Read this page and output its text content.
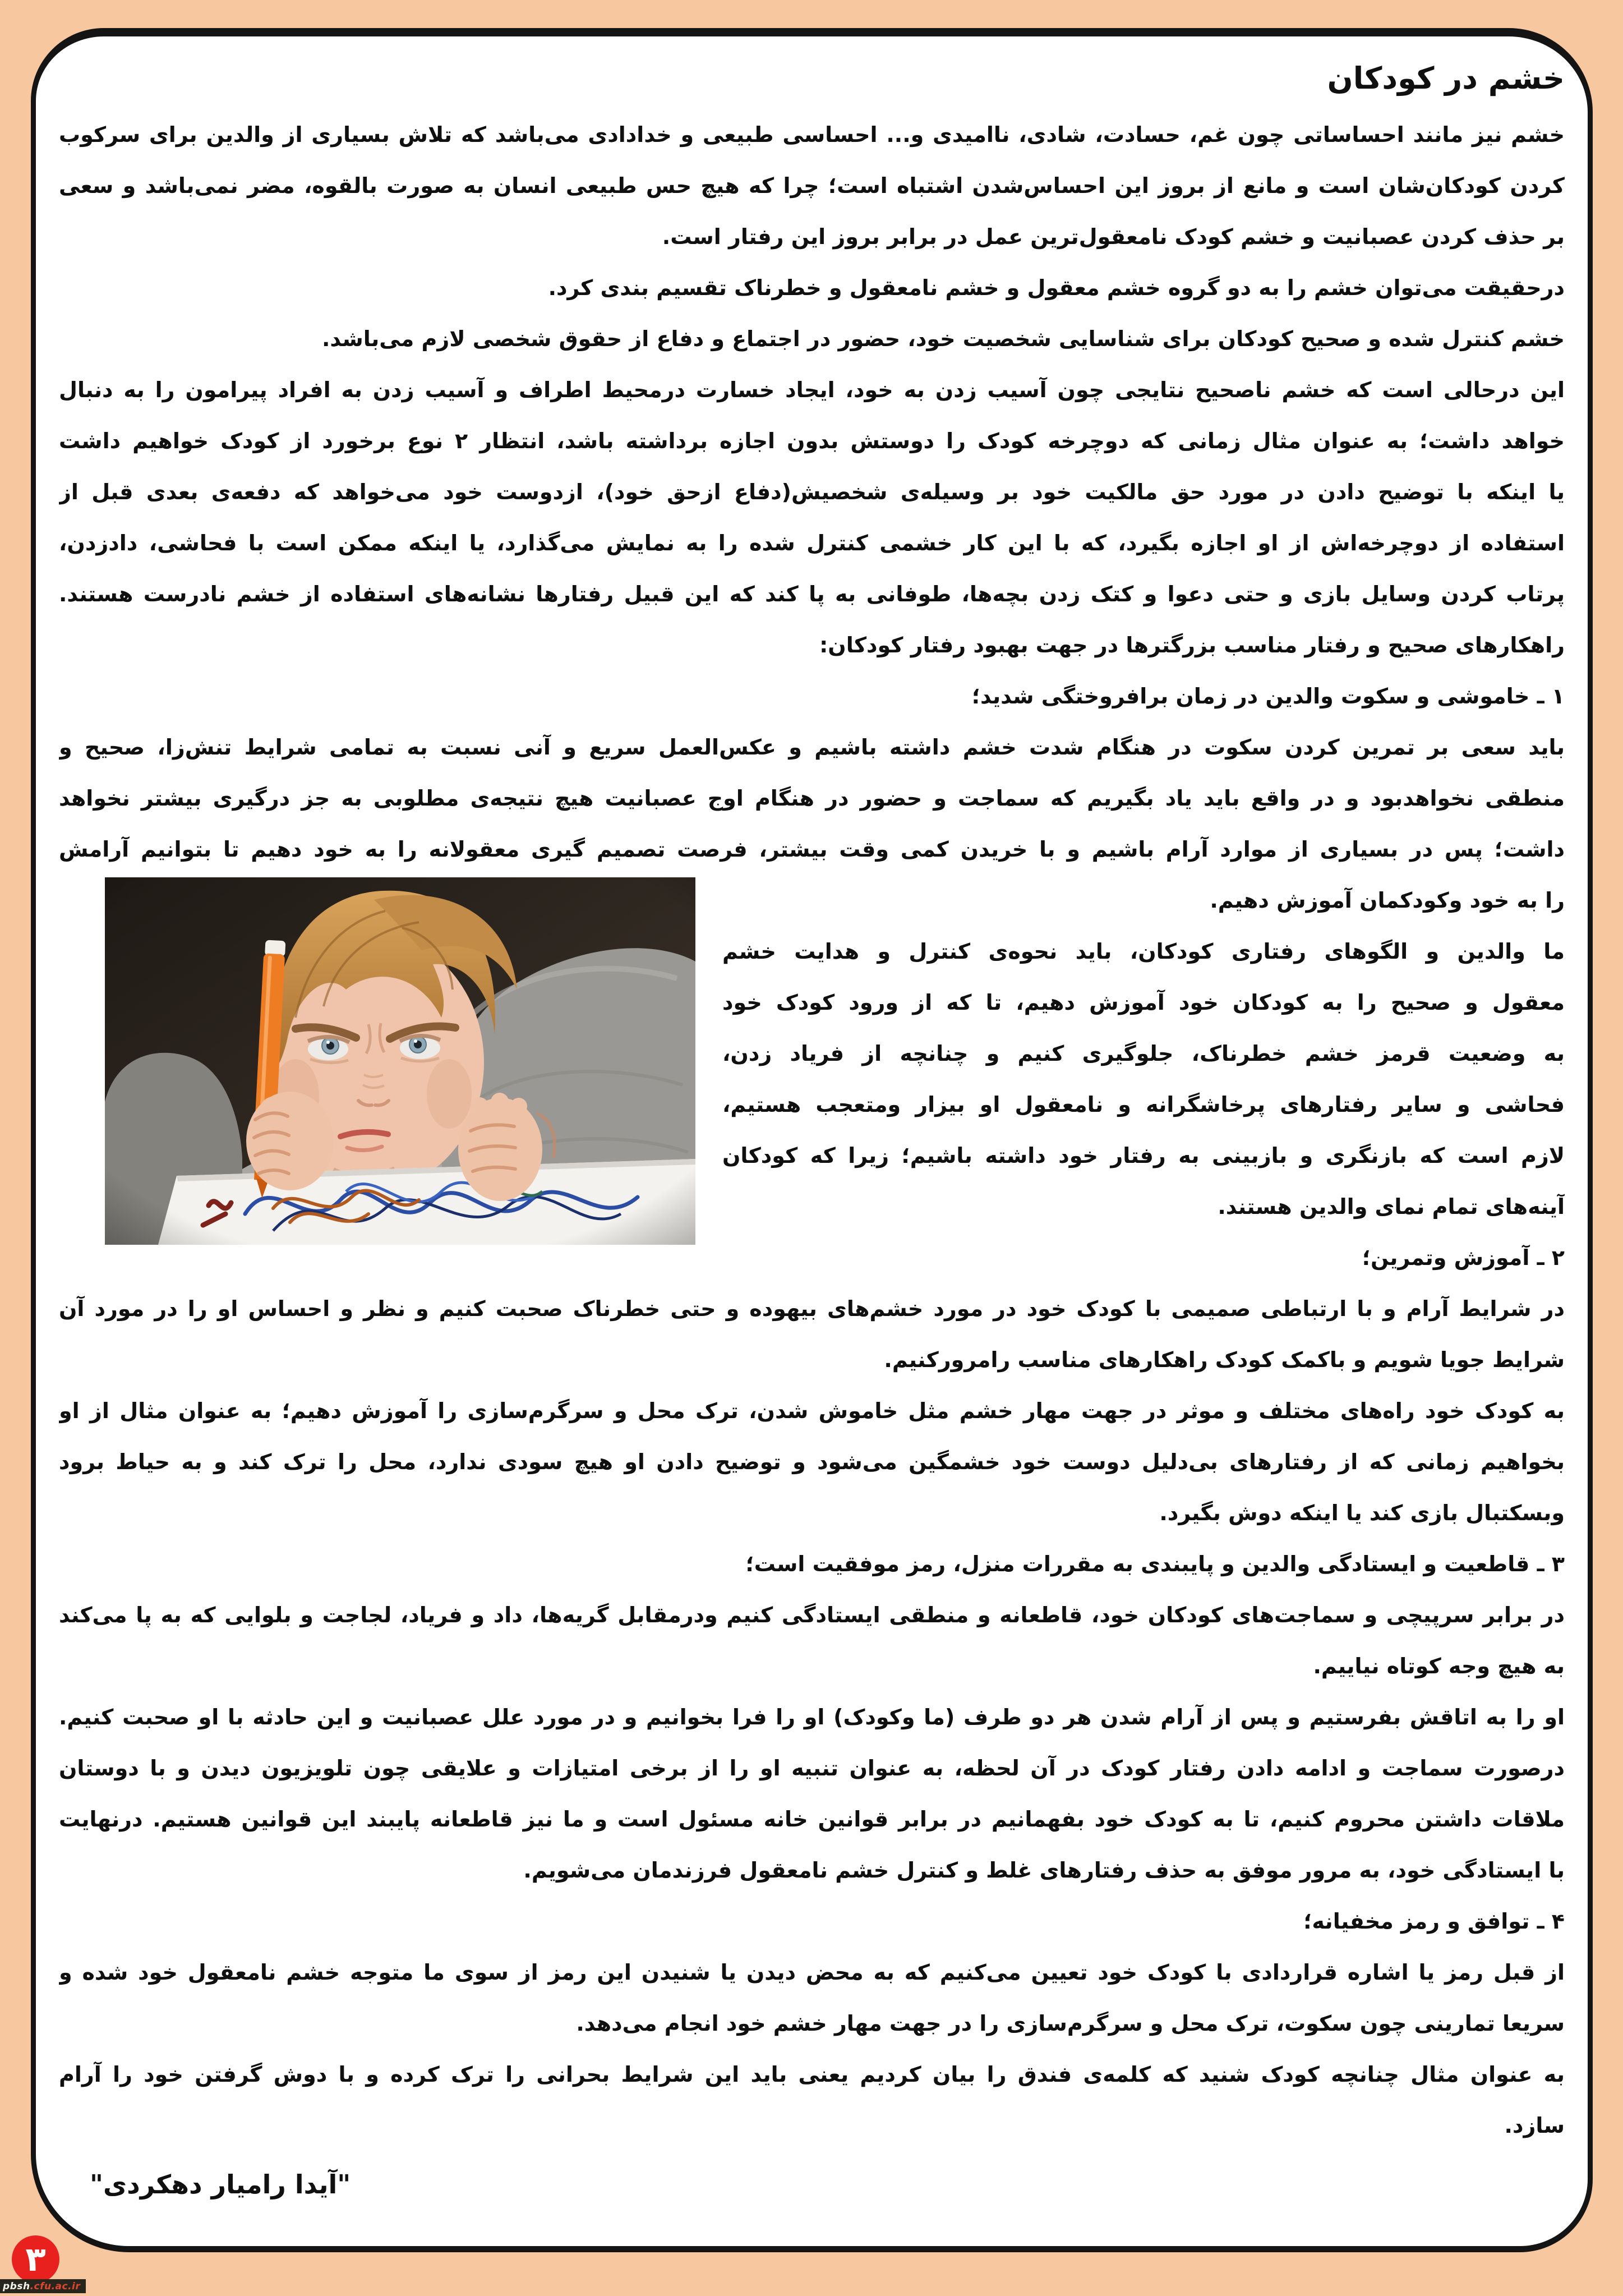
خشم در کودکان
خشم نیز مانند احساساتی چون غم، حسادت، شادی، ناامیدی و... احساسی طبیعی و خدادادی می‌باشد که تلاش بسیاری از والدین برای سرکوب
کردن کودکان‌شان است و مانع از بروز این احساس‌شدن اشتباه است؛ چرا که هیچ حس طبیعی انسان به صورت بالقوه، مضر نمی‌باشد و سعی
بر حذف کردن عصبانیت و خشم کودک نامعقول‌ترین عمل در برابر بروز این رفتار است.
درحقیقت می‌توان خشم را به دو گروه خشم معقول و خشم نامعقول و خطرناک تقسیم بندی کرد.
خشم کنترل شده و صحیح کودکان برای شناسایی شخصیت خود، حضور در اجتماع و دفاع از حقوق شخصی لازم می‌باشد.
این درحالی است که خشم ناصحیح نتایجی چون آسیب زدن به خود، ایجاد خسارت درمحیط اطراف و آسیب زدن به افراد پیرامون را به دنبال
خواهد داشت؛ به عنوان مثال زمانی که دوچرخه کودک را دوستش بدون اجازه برداشته باشد، انتظار ۲ نوع برخورد از کودک خواهیم داشت
یا اینکه با توضیح دادن در مورد حق مالکیت خود بر وسیله‌ی شخصیش(دفاع ازحق خود)، ازدوست خود می‌خواهد که دفعه‌ی بعدی قبل از
استفاده از دوچرخه‌اش از او اجازه بگیرد، که با این کار خشمی کنترل شده را به نمایش می‌گذارد، یا اینکه ممکن است با فحاشی، دادزدن،
پرتاب کردن وسایل بازی و حتی دعوا و کتک زدن بچه‌ها، طوفانی به پا کند که این قبیل رفتارها نشانه‌های استفاده از خشم نادرست هستند.
راهکارهای صحیح و رفتار مناسب بزرگترها در جهت بهبود رفتار کودکان:
۱ ـ خاموشی و سکوت والدین در زمان برافروختگی شدید؛
باید سعی بر تمرین کردن سکوت در هنگام شدت خشم داشته باشیم و عکس‌العمل سریع و آنی نسبت به تمامی شرایط تنش‌زا، صحیح و
منطقی نخواهدبود و در واقع باید یاد بگیریم که سماجت و حضور در هنگام اوج عصبانیت هیچ نتیجه‌ی مطلوبی به جز درگیری بیشتر نخواهد
داشت؛ پس در بسیاری از موارد آرام باشیم و با خریدن کمی وقت بیشتر، فرصت تصمیم گیری معقولانه را به خود دهیم تا بتوانیم آرامش
را به خود وکودکمان آموزش دهیم.
ما والدین و الگوهای رفتاری کودکان، باید نحوه‌ی کنترل و هدایت خشم
معقول و صحیح را به کودکان خود آموزش دهیم، تا که از ورود کودک خود
به وضعیت قرمز خشم خطرناک، جلوگیری کنیم و چنانچه از فریاد زدن،
فحاشی و سایر رفتارهای پرخاشگرانه و نامعقول او بیزار ومتعجب هستیم،
لازم است که بازنگری و بازبینی به رفتار خود داشته باشیم؛ زیرا که کودکان
آینه‌های تمام نمای والدین هستند.
۲ ـ آموزش وتمرین؛
در شرایط آرام و با ارتباطی صمیمی با کودک خود در مورد خشم‌های بیهوده و حتی خطرناک صحبت کنیم و نظر و احساس او را در مورد آن
شرایط جویا شویم و باکمک کودک راهکارهای مناسب رامرورکنیم.
به کودک خود راه‌های مختلف و موثر در جهت مهار خشم مثل خاموش شدن، ترک محل و سرگرم‌سازی را آموزش دهیم؛ به عنوان مثال از او
بخواهیم زمانی که از رفتارهای بی‌دلیل دوست خود خشمگین می‌شود و توضیح دادن او هیچ سودی ندارد، محل را ترک کند و به حیاط برود
وبسکتبال بازی کند یا اینکه دوش بگیرد.
۳ ـ قاطعیت و ایستادگی والدین و پایبندی به مقررات منزل، رمز موفقیت است؛
در برابر سرپیچی و سماجت‌های کودکان خود، قاطعانه و منطقی ایستادگی کنیم ودرمقابل گریه‌ها، داد و فریاد، لجاجت و بلوایی که به پا می‌کند
به هیچ وجه کوتاه نیاییم.
او را به اتاقش بفرستیم و پس از آرام شدن هر دو طرف (ما وکودک) او را فرا بخوانیم و در مورد علل عصبانیت و این حادثه با او صحبت کنیم.
درصورت سماجت و ادامه دادن رفتار کودک در آن لحظه، به عنوان تنبیه او را از برخی امتیازات و علایقی چون تلویزیون دیدن و با دوستان
ملاقات داشتن محروم کنیم، تا به کودک خود بفهمانیم در برابر قوانین خانه مسئول است و ما نیز قاطعانه پایبند این قوانین هستیم. درنهایت
با ایستادگی خود، به مرور موفق به حذف رفتارهای غلط و کنترل خشم نامعقول فرزندمان می‌شویم.
۴ ـ توافق و رمز مخفیانه؛
از قبل رمز یا اشاره قراردادی با کودک خود تعیین می‌کنیم که به محض دیدن یا شنیدن این رمز از سوی ما متوجه خشم نامعقول خود شده و
سریعا تمارینی چون سکوت، ترک محل و سرگرم‌سازی را در جهت مهار خشم خود انجام می‌دهد.
به عنوان مثال چنانچه کودک شنید که کلمه‌ی فندق را بیان کردیم یعنی باید این شرایط بحرانی را ترک کرده و با دوش گرفتن خود را آرام
سازد.
"آیدا رامیار دهکردی"
۳
pbsh .cfu.ac.ir
